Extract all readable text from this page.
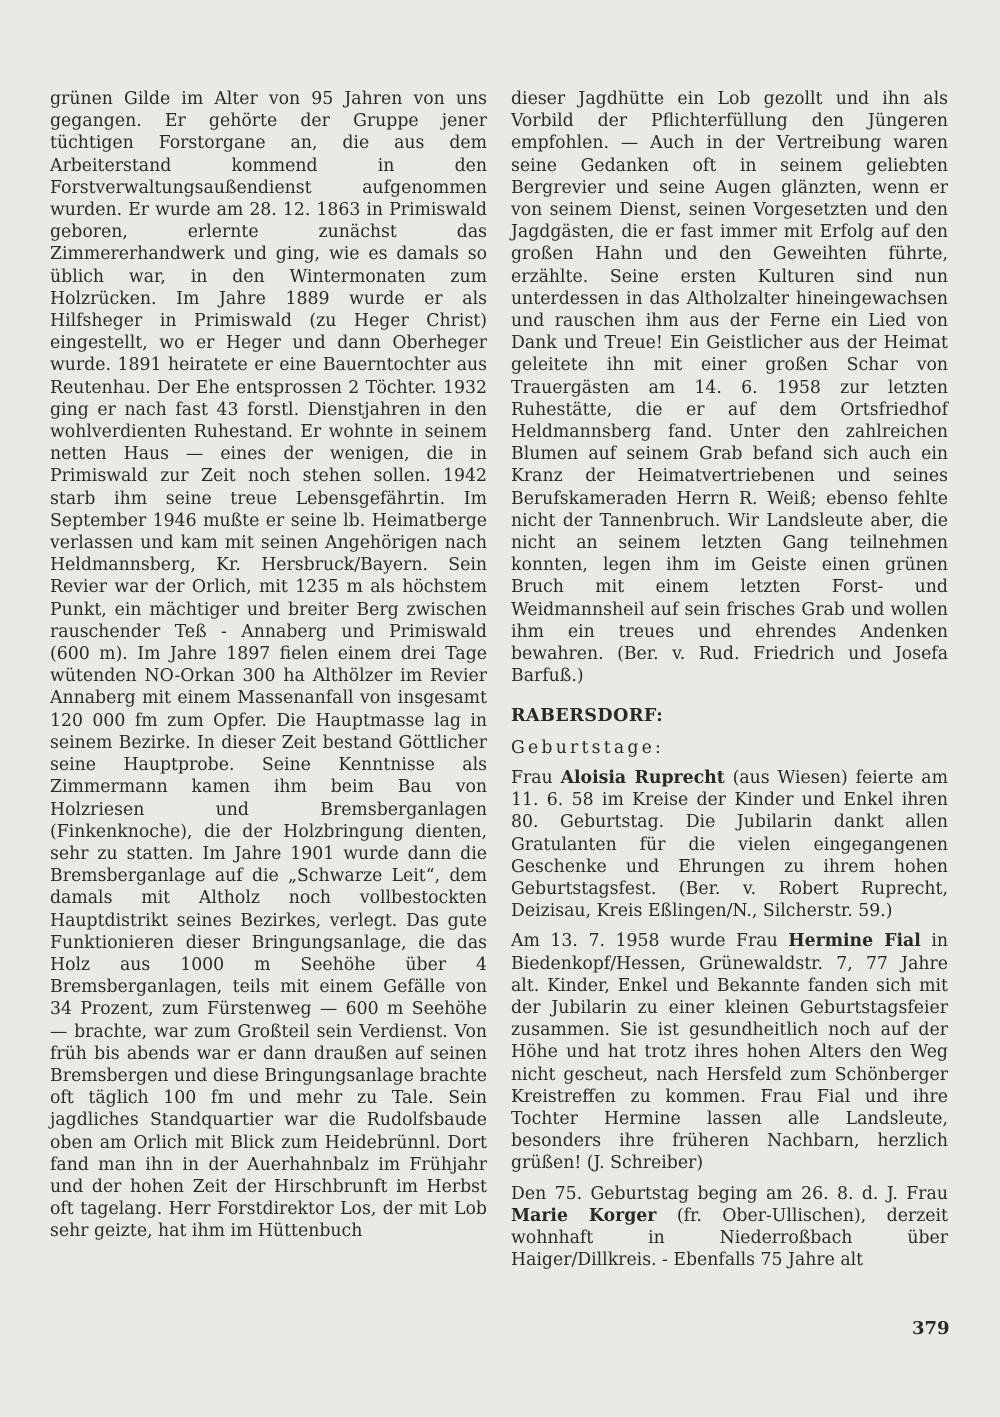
grünen Gilde im Alter von 95 Jahren von uns gegangen. Er gehörte der Gruppe jener tüchtigen Forstorgane an, die aus dem Arbeiterstand kommend in den Forstverwaltungsaußendienst aufgenommen wurden. Er wurde am 28. 12. 1863 in Primiswald geboren, erlernte zunächst das Zimmererhandwerk und ging, wie es damals so üblich war, in den Wintermonaten zum Holzrücken. Im Jahre 1889 wurde er als Hilfsheger in Primiswald (zu Heger Christ) eingestellt, wo er Heger und dann Oberheger wurde. 1891 heiratete er eine Bauerntochter aus Reutenhau. Der Ehe entsprossen 2 Töchter. 1932 ging er nach fast 43 forstl. Dienstjahren in den wohlverdienten Ruhestand. Er wohnte in seinem netten Haus — eines der wenigen, die in Primiswald zur Zeit noch stehen sollen. 1942 starb ihm seine treue Lebensgefährtin. Im September 1946 mußte er seine lb. Heimatberge verlassen und kam mit seinen Angehörigen nach Heldmannsberg, Kr. Hersbruck/Bayern. Sein Revier war der Orlich, mit 1235 m als höchstem Punkt, ein mächtiger und breiter Berg zwischen rauschender Teß - Annaberg und Primiswald (600 m). Im Jahre 1897 fielen einem drei Tage wütenden NO-Orkan 300 ha Althölzer im Revier Annaberg mit einem Massenanfall von insgesamt 120 000 fm zum Opfer. Die Hauptmasse lag in seinem Bezirke. In dieser Zeit bestand Göttlicher seine Hauptprobe. Seine Kenntnisse als Zimmermann kamen ihm beim Bau von Holzriesen und Bremsberganlagen (Finkenknoche), die der Holzbringung dienten, sehr zu statten. Im Jahre 1901 wurde dann die Bremsberganlage auf die „Schwarze Leit“, dem damals mit Altholz noch vollbestockten Hauptdistrikt seines Bezirkes, verlegt. Das gute Funktionieren dieser Bringungsanlage, die das Holz aus 1000 m Seehöhe über 4 Bremsberganlagen, teils mit einem Gefälle von 34 Prozent, zum Fürstenweg — 600 m Seehöhe — brachte, war zum Großteil sein Verdienst. Von früh bis abends war er dann draußen auf seinen Bremsbergen und diese Bringungsanlage brachte oft täglich 100 fm und mehr zu Tale. Sein jagdliches Standquartier war die Rudolfsbaude oben am Orlich mit Blick zum Heidebrünnl. Dort fand man ihn in der Auerhahnbalz im Frühjahr und der hohen Zeit der Hirschbrunft im Herbst oft tagelang. Herr Forstdirektor Los, der mit Lob sehr geizte, hat ihm im Hüttenbuch

dieser Jagdhütte ein Lob gezollt und ihn als Vorbild der Pflichterfüllung den Jüngeren empfohlen. — Auch in der Vertreibung waren seine Gedanken oft in seinem geliebten Bergrevier und seine Augen glänzten, wenn er von seinem Dienst, seinen Vorgesetzten und den Jagdgästen, die er fast immer mit Erfolg auf den großen Hahn und den Geweihten führte, erzählte. Seine ersten Kulturen sind nun unterdessen in das Altholzalter hineingewachsen und rauschen ihm aus der Ferne ein Lied von Dank und Treue! Ein Geistlicher aus der Heimat geleitete ihn mit einer großen Schar von Trauergästen am 14. 6. 1958 zur letzten Ruhestätte, die er auf dem Ortsfriedhof Heldmannsberg fand. Unter den zahlreichen Blumen auf seinem Grab befand sich auch ein Kranz der Heimatvertriebenen und seines Berufskameraden Herrn R. Weiß; ebenso fehlte nicht der Tannenbruch. Wir Landsleute aber, die nicht an seinem letzten Gang teilnehmen konnten, legen ihm im Geiste einen grünen Bruch mit einem letzten Forst- und Weidmannsheil auf sein frisches Grab und wollen ihm ein treues und ehrendes Andenken bewahren. (Ber. v. Rud. Friedrich und Josefa Barfuß.)

RABERSDORF:
Geburtstage:

Frau Aloisia Ruprecht (aus Wiesen) feierte am 11. 6. 58 im Kreise der Kinder und Enkel ihren 80. Geburtstag. Die Jubilarin dankt allen Gratulanten für die vielen eingegangenen Geschenke und Ehrungen zu ihrem hohen Geburtstagsfest. (Ber. v. Robert Ruprecht, Deizisau, Kreis Eßlingen/N., Silcherstr. 59.)

Am 13. 7. 1958 wurde Frau Hermine Fial in Biedenkopf/Hessen, Grünewaldstr. 7, 77 Jahre alt. Kinder, Enkel und Bekannte fanden sich mit der Jubilarin zu einer kleinen Geburtstagsfeier zusammen. Sie ist gesundheitlich noch auf der Höhe und hat trotz ihres hohen Alters den Weg nicht gescheut, nach Hersfeld zum Schönberger Kreistreffen zu kommen. Frau Fial und ihre Tochter Hermine lassen alle Landsleute, besonders ihre früheren Nachbarn, herzlich grüßen! (J. Schreiber)

Den 75. Geburtstag beging am 26. 8. d. J. Frau Marie Korger (fr. Ober-Ullischen), derzeit wohnhaft in Niederroßbach über Haiger/Dillkreis. - Ebenfalls 75 Jahre alt

379
